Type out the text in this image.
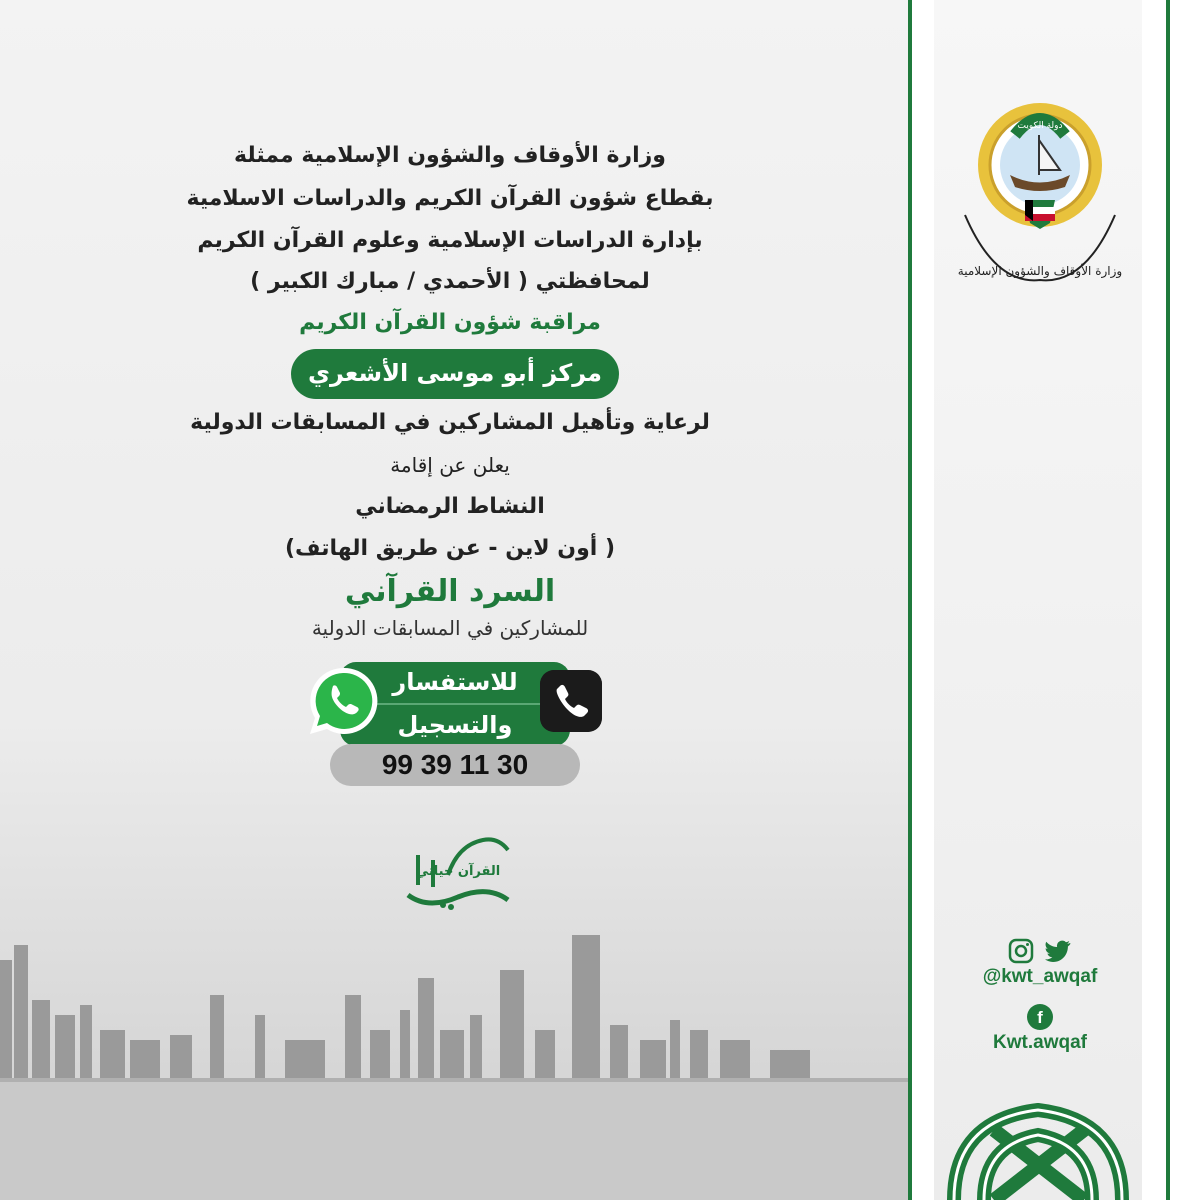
دولة الكويت
وزارة الأوقاف والشؤون الإسلامية
@kwt_awqaf
f
Kwt.awqaf
وزارة الأوقاف والشؤون الإسلامية ممثلة
بقطاع شؤون القرآن الكريم والدراسات الاسلامية
بإدارة الدراسات الإسلامية وعلوم القرآن الكريم
لمحافظتي ( الأحمدي / مبارك الكبير )
مراقبة شؤون القرآن الكريم
مركز أبو موسى الأشعري
لرعاية وتأهيل المشاركين في المسابقات الدولية
يعلن عن إقامة
النشاط الرمضاني
( أون لاين - عن طريق الهاتف)
السرد القرآني
للمشاركين في المسابقات الدولية
للاستفسار
والتسجيل
99 39 11 30
القرآن حياتي
